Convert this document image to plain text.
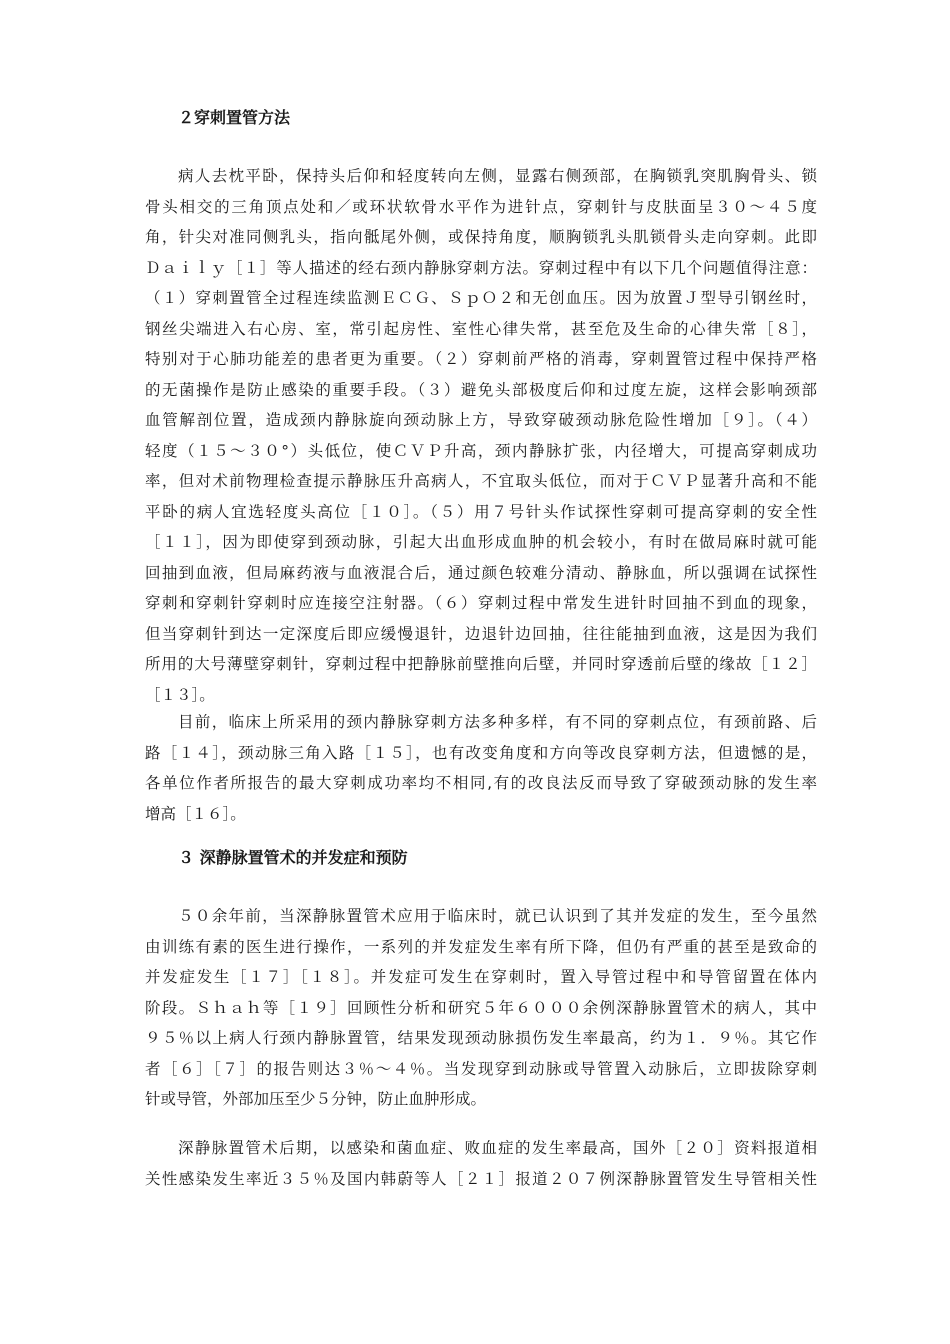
２穿刺置管方法
病人去枕平卧，保持头后仰和轻度转向左侧，显露右侧颈部，在胸锁乳突肌胸骨头、锁
骨头相交的三角顶点处和／或环状软骨水平作为进针点，穿刺针与皮肤面呈３０～４５度
角，针尖对准同侧乳头，指向骶尾外侧，或保持角度，顺胸锁乳头肌锁骨头走向穿刺。此即
Ｄａｉｌｙ［１］等人描述的经右颈内静脉穿刺方法。穿刺过程中有以下几个问题值得注意：
（１）穿刺置管全过程连续监测ＥＣＧ、ＳｐＯ２和无创血压。因为放置Ｊ型导引钢丝时，
钢丝尖端进入右心房、室，常引起房性、室性心律失常，甚至危及生命的心律失常［８］，
特别对于心肺功能差的患者更为重要。（２）穿刺前严格的消毒，穿刺置管过程中保持严格
的无菌操作是防止感染的重要手段。（３）避免头部极度后仰和过度左旋，这样会影响颈部
血管解剖位置，造成颈内静脉旋向颈动脉上方，导致穿破颈动脉危险性增加［９］。（４）
轻度（１５～３０°）头低位，使ＣＶＰ升高，颈内静脉扩张，内径增大，可提高穿刺成功
率，但对术前物理检查提示静脉压升高病人，不宜取头低位，而对于ＣＶＰ显著升高和不能
平卧的病人宜选轻度头高位［１０］。（５）用７号针头作试探性穿刺可提高穿刺的安全性
［１１］，因为即使穿到颈动脉，引起大出血形成血肿的机会较小，有时在做局麻时就可能
回抽到血液，但局麻药液与血液混合后，通过颜色较难分清动、静脉血，所以强调在试探性
穿刺和穿刺针穿刺时应连接空注射器。（６）穿刺过程中常发生进针时回抽不到血的现象，
但当穿刺针到达一定深度后即应缓慢退针，边退针边回抽，往往能抽到血液，这是因为我们
所用的大号薄壁穿刺针，穿刺过程中把静脉前壁推向后壁，并同时穿透前后壁的缘故［１２］
［１３］。
目前，临床上所采用的颈内静脉穿刺方法多种多样，有不同的穿刺点位，有颈前路、后
路［１４］，颈动脉三角入路［１５］，也有改变角度和方向等改良穿刺方法，但遗憾的是，
各单位作者所报告的最大穿刺成功率均不相同,有的改良法反而导致了穿破颈动脉的发生率
增高［１６］。
３ 深静脉置管术的并发症和预防
５０余年前，当深静脉置管术应用于临床时，就已认识到了其并发症的发生，至今虽然
由训练有素的医生进行操作，一系列的并发症发生率有所下降，但仍有严重的甚至是致命的
并发症发生［１７］［１８］。并发症可发生在穿刺时，置入导管过程中和导管留置在体内
阶段。Ｓｈａｈ等［１９］回顾性分析和研究５年６０００余例深静脉置管术的病人，其中
９５％以上病人行颈内静脉置管，结果发现颈动脉损伤发生率最高，约为１．９％。其它作
者［６］［７］的报告则达３％～４％。当发现穿到动脉或导管置入动脉后，立即拔除穿刺
针或导管，外部加压至少５分钟，防止血肿形成。
深静脉置管术后期，以感染和菌血症、败血症的发生率最高，国外［２０］资料报道相
关性感染发生率近３５％及国内韩蔚等人［２１］报道２０７例深静脉置管发生导管相关性
